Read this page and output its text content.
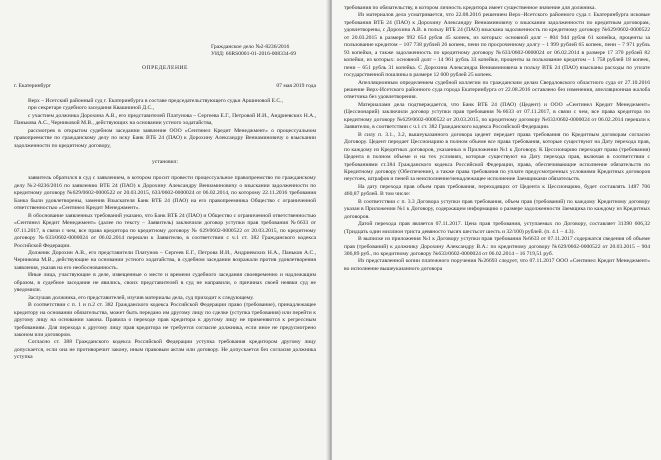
Гражданское дело №2-8236/2016
УИД: 66RS0001-01-2016-008334-69
ОПРЕДЕЛЕНИЕ
г. Екатеринбург	07 мая 2019 года

Верх – Исетский районный суд г. Екатеринбурга в составе председательствующего судьи Аршиновой Е.С.,

при секретаре судебного заседания Квашниной Д.С.,

с участием должника Дорохина А.В., его представителей Платунова – Сергеева Е.Г., Петровой И.И., Андриевских Н.А., Панькова А.С., Черниковой М.В., действующих на основании устного ходатайства,

рассмотрев в открытом судебном заседании заявление ООО «Сентинел Кредит Менеджмент» о процессуальном правопреемстве по гражданскому делу по иску Банк ВТБ 24 (ПАО) к Дорохину Александру Вениаминовичу о взыскании задолженности по кредитному договору,

установил:

заявитель обратился в суд с заявлением, в котором просит провести процессуальное правопреемство по гражданскому делу №2-8236/2016 по заявлению ВТБ 24 (ПАО) к Дорохину Александру Вениаминовичу о взыскании задолженности по кредитному договору №629/0602-0000522 от 20.03.2015, 633/0602-0000024 от 06.02.2014, по которому 22.11.2016 требования Банка были удовлетворены, заменив Взыскателя Банк ВТБ 24 (ПАО) на его правопреемника Общество с ограниченной ответственностью «Сентинел Кредит Менеджмент».

В обоснование заявленных требований указано, что Банк ВТБ 24 (ПАО) и Общество с ограниченной ответственностью «Сентинел Кредит Менеджмент» (далее по тексту – Заявитель) заключили договор уступки прав требования №6633 от 07.11.2017, в связи с чем, все права кредитора по кредитному договору № 629/0602-0000522 от 20.03.2015, по кредитному договору №633/0602-0000024 от 06.02.2014 перешли к Заявителю, в соответствии с ч.1 ст. 382 Гражданского кодекса Российской Федерации.

Должник Дорохин А.В., его представители Платунов – Сергеев Е.Г., Петрова И.И., Андриевских Н.А., Паньков А.С., Черникова М.В., действующие на основании устного ходатайства, в судебном заседании возражали против удовлетворения заявления, указав на его необоснованность.

Иные лица, участвующие в деле, извещенные о месте и времени судебного заседания своевременно и надлежащим образом, в судебное заседание не явились, своих представителей в суд не направили, о причинах своей неявки суд не уведомили.

Заслушав должника, его представителей, изучив материалы дела, суд приходит к следующему.

В соответствии с п. 1 и п.2 ст. 382 Гражданского кодекса Российской Федерации право (требование), принадлежащее кредитору на основании обязательства, может быть передано им другому лицу по сделке (уступка требования) или перейти к другому лицу на основании закона. Правила о переходе прав кредитора к другому лицу не применяются к регрессным требованиям. Для перехода к другому лицу прав кредитора не требуется согласие должника, если иное не предусмотрено законом или договором.

Согласно ст. 388 Гражданского кодекса Российской Федерации уступка требования кредитором другому лицу допускается, если она не противоречит закону, иным правовым актам или договору. Не допускается без согласия должника уступка

требования по обязательству, в котором личность кредитора имеет существенное значение для должника.

Из материалов дела усматривается, что 22.08.2016 решением Верх–Исетского районного суда г. Екатеринбурга исковые требования ВТБ 24 (ПАО) к Дорохину Александру Вениаминовичу о взыскании задолженности по кредитным договорам, удовлетворены, с Дорохина А.В. в пользу ВТБ 24 (ПАО) взыскана задолженность по кредитному договору №629/0602-0000522 от 20.03.2015 в размере 992 654 рубля 45 копеек, из которых: основной долг – 804 944 рубля 61 копейка, проценты за пользование кредитом – 107 738 рублей 26 копеек, пени по просроченному долгу – 1 999 рублей 65 копеек, пени – 7 971 рубль 93 копейки, а также задолженность по кредитному договору №633/0602-0000024 от 06.02.2014 в размере 17 370 рублей 82 копейки, из которых: основной долг – 14 961 рубль 33 копейки, проценты за пользование кредитом – 1 758 рублей 18 копеек, пени – 651 рубль 31 копейка. С Дорохина Александра Вениаминовича в пользу ВТБ 24 (ПАО) взысканы расходы по уплате государственной пошлины в размере 12 600 рублей 25 копеек.

Апелляционным определением судебной коллегии по гражданским делам Свердловского областного суда от 27.10.2016 решение Верх-Исетского районного суда города Екатеринбурга от 22.08.2016 оставлено без изменения, апелляционная жалоба ответчика без удовлетворения.

Материалами дела подтверждается, что Банк ВТБ 24 (ПАО) (Цедент) и ООО «Сентинел Кредит Менеджмент» (Цессионарий) заключили договор уступки прав требования №6633 от 07.11.2017, в связи с чем, все права кредитора по кредитному договору №629/0602-0000522 от 20.03.2015, по кредитному договору №633/0602-0000024 от 06.02.2014 перешли к Заявителю, в соответствии с ч.1 ст. 382 Гражданского кодекса Российской Федерации.

В силу п. 3.1., 3.2, вышеуказанного договора цедент передает права требования по Кредитным договорам согласно Договору. Цедент передает Цессионарию в полном объеме все права требования, которые существуют на Дату перехода прав, по каждому из Кредитных договоров, указанных в Приложении №1 к Договору. К Цессионарию переходят права (требования) Цедента в полном объеме и на тех условиях, которые существуют на Дату перехода прав, включая в соответствии с требованиями ст.384 Гражданского кодекса Российской Федерации, права, обеспечивающие исполнение обязательств по Кредитному договору (Обеспечение), а также права требования по уплате предусмотренных условиями Кредитных договоров неустоек, штрафов и пеней за неисполнение/ненадлежащее исполнение Заемщиками обязательств.

На дату перехода прав объем прав требования, переходящих от Цедента к Цессионарию, будет составлять 1487 706 460,87 рублей. В том числе:

В соответствии с п. 3.3 Договора уступки прав требования, объем прав (требований) по каждому Кредитному договору указан в Приложении №1 к Договору, содержащем информацию о размере задолженности Заемщика по каждому из Кредитных договоров.

Датой перехода прав является 07.11.2017. Цена прав требования, уступаемых по Договору, составляет 31390 606,32 (Тридцать один миллион триста девяносто тысяч шестьсот шесть и 32/100) рублей. (п. 4.1 – 4.3).

В выписке из приложения №1 к Договору уступки прав требования №6633 от 07.11.2017 содержатся сведения об объеме прав (требований) к должнику Дорохину Александру В.А.: по кредитному договору №629/0602-0000522 от 20.03.2015 – 904 306,89 руб., по кредитному договору №633/0602-0000024 от 06.02.2014 – 16 719,51 руб.

Из представленной копии платежного поручения №26693 следует, что 07.11.2017 ООО «Сентинел Кредит Менеджмент» во исполнение вышеуказанного договора
